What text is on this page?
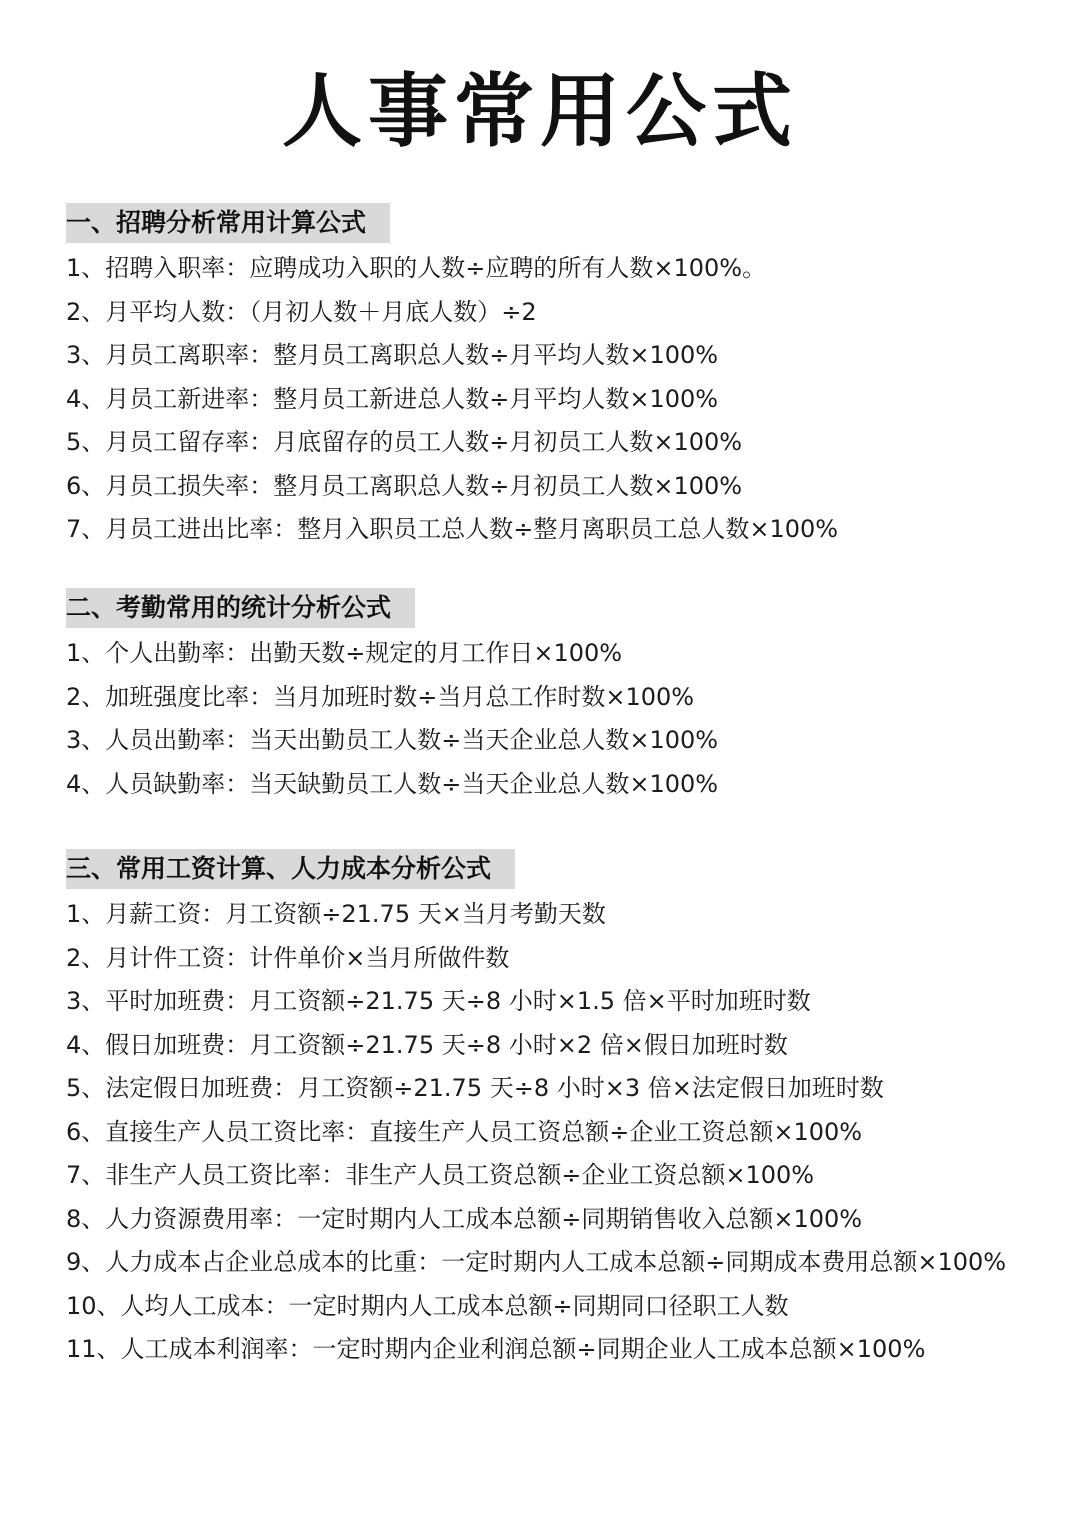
人事常用公式
一、招聘分析常用计算公式
1、招聘入职率：应聘成功入职的人数÷应聘的所有人数×100%。
2、月平均人数：（月初人数＋月底人数）÷2
3、月员工离职率：整月员工离职总人数÷月平均人数×100%
4、月员工新进率：整月员工新进总人数÷月平均人数×100%
5、月员工留存率：月底留存的员工人数÷月初员工人数×100%
6、月员工损失率：整月员工离职总人数÷月初员工人数×100%
7、月员工进出比率：整月入职员工总人数÷整月离职员工总人数×100%
二、考勤常用的统计分析公式
1、个人出勤率：出勤天数÷规定的月工作日×100%
2、加班强度比率：当月加班时数÷当月总工作时数×100%
3、人员出勤率：当天出勤员工人数÷当天企业总人数×100%
4、人员缺勤率：当天缺勤员工人数÷当天企业总人数×100%
三、常用工资计算、人力成本分析公式
1、月薪工资：月工资额÷21.75 天×当月考勤天数
2、月计件工资：计件单价×当月所做件数
3、平时加班费：月工资额÷21.75 天÷8 小时×1.5 倍×平时加班时数
4、假日加班费：月工资额÷21.75 天÷8 小时×2 倍×假日加班时数
5、法定假日加班费：月工资额÷21.75 天÷8 小时×3 倍×法定假日加班时数
6、直接生产人员工资比率：直接生产人员工资总额÷企业工资总额×100%
7、非生产人员工资比率：非生产人员工资总额÷企业工资总额×100%
8、人力资源费用率：一定时期内人工成本总额÷同期销售收入总额×100%
9、人力成本占企业总成本的比重：一定时期内人工成本总额÷同期成本费用总额×100%
10、人均人工成本：一定时期内人工成本总额÷同期同口径职工人数
11、人工成本利润率：一定时期内企业利润总额÷同期企业人工成本总额×100%
